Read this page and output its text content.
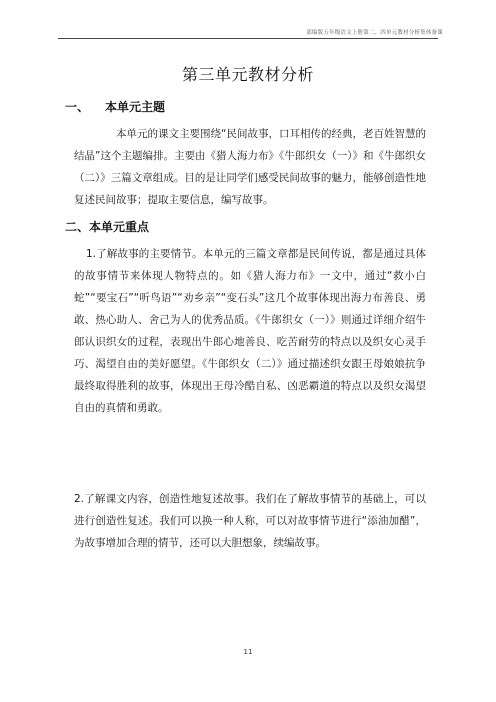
部编版五年级语文上册第二、四单元教材分析集体备课
第三单元教材分析
一、 本单元主题
本单元的课文主要围绕“民间故事，口耳相传的经典，老百姓智慧的结晶”这个主题编排。主要由《猎人海力布》《牛郎织女（一）》和《牛郎织女（二）》三篇文章组成。目的是让同学们感受民间故事的魅力，能够创造性地复述民间故事；提取主要信息，编写故事。
二、本单元重点
1.了解故事的主要情节。本单元的三篇文章都是民间传说，都是通过具体的故事情节来体现人物特点的。如《猎人海力布》一文中，通过“救小白蛇”“要宝石”“听鸟语”“劝乡亲”“变石头”这几个故事体现出海力布善良、勇敢、热心助人、舍己为人的优秀品质。《牛郎织女（一）》则通过详细介绍牛郎认识织女的过程，表现出牛郎心地善良、吃苦耐劳的特点以及织女心灵手巧、渴望自由的美好愿望。《牛郎织女（二）》通过描述织女跟王母娘娘抗争最终取得胜利的故事，体现出王母冷酷自私、凶恶霸道的特点以及织女渴望自由的真情和勇敢。
2.了解课文内容，创造性地复述故事。我们在了解故事情节的基础上，可以进行创造性复述。我们可以换一种人称，可以对故事情节进行“添油加醋”，为故事增加合理的情节，还可以大胆想象，续编故事。
11
